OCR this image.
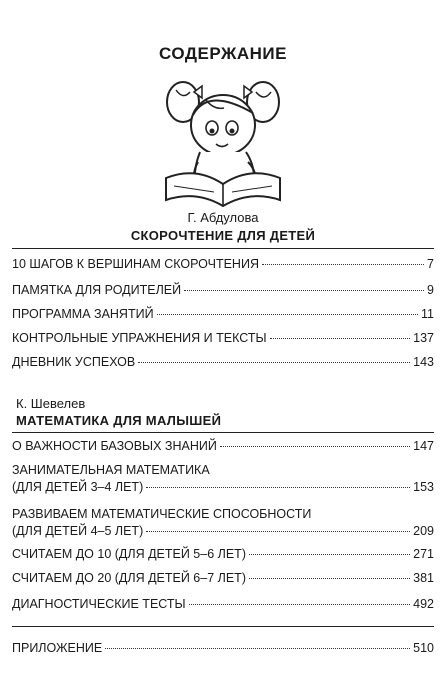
СОДЕРЖАНИЕ
Г. Абдулова
СКОРОЧТЕНИЕ ДЛЯ ДЕТЕЙ
10 ШАГОВ К ВЕРШИНАМ СКОРОЧТЕНИЯ	7
ПАМЯТКА ДЛЯ РОДИТЕЛЕЙ	9
ПРОГРАММА ЗАНЯТИЙ	11
КОНТРОЛЬНЫЕ УПРАЖНЕНИЯ И ТЕКСТЫ	137
ДНЕВНИК УСПЕХОВ	143
К. Шевелев
МАТЕМАТИКА ДЛЯ МАЛЫШЕЙ
О ВАЖНОСТИ БАЗОВЫХ ЗНАНИЙ	147
ЗАНИМАТЕЛЬНАЯ МАТЕМАТИКА
(ДЛЯ ДЕТЕЙ 3–4 ЛЕТ)	153
РАЗВИВАЕМ МАТЕМАТИЧЕСКИЕ СПОСОБНОСТИ
(ДЛЯ ДЕТЕЙ 4–5 ЛЕТ)	209
СЧИТАЕМ ДО 10 (ДЛЯ ДЕТЕЙ 5–6 ЛЕТ)	271
СЧИТАЕМ ДО 20 (ДЛЯ ДЕТЕЙ 6–7 ЛЕТ)	381
ДИАГНОСТИЧЕСКИЕ ТЕСТЫ	492
ПРИЛОЖЕНИЕ	510
